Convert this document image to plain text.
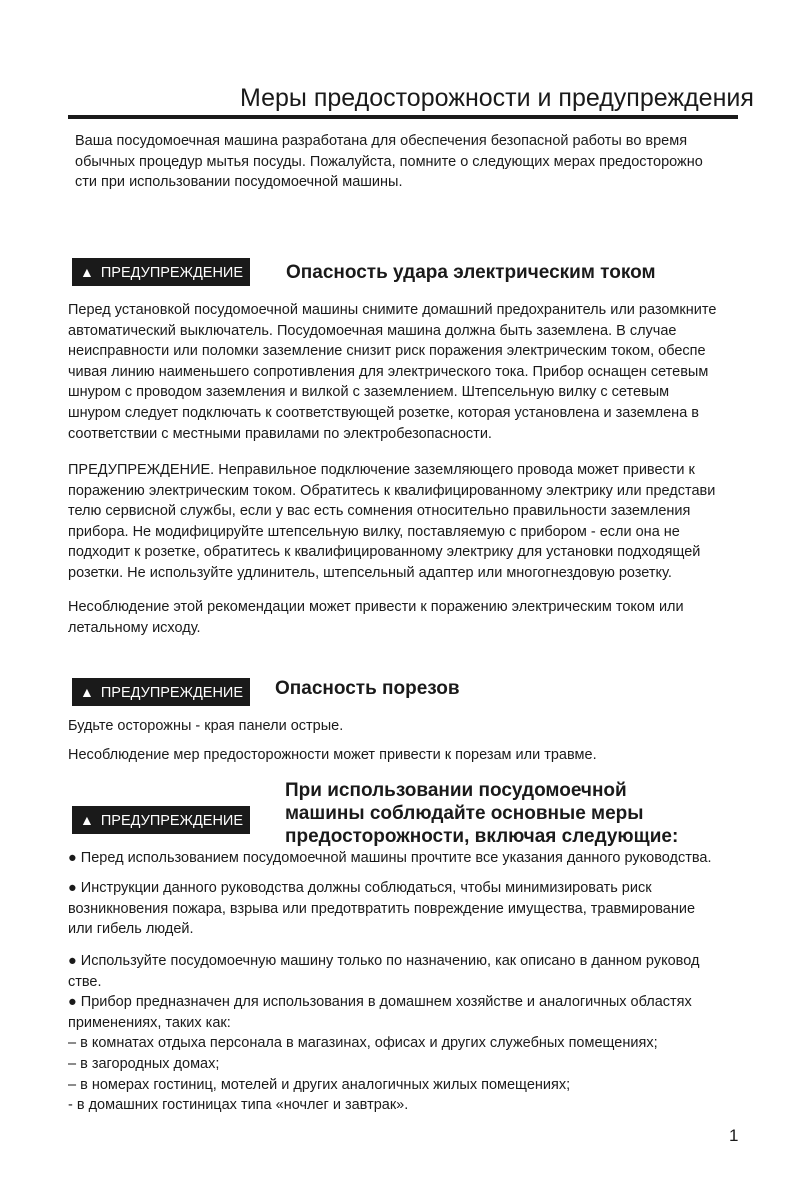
Меры предосторожности и предупреждения
Ваша посудомоечная машина разработана для обеспечения безопасной работы во время
обычных процедур мытья посуды. Пожалуйста, помните о следующих мерах предосторожно
сти при использовании посудомоечной машины.
▲ ПРЕДУПРЕЖДЕНИЕ	Опасность удара электрическим током
Перед установкой посудомоечной машины снимите домашний предохранитель или разомкните
автоматический выключатель. Посудомоечная машина должна быть заземлена. В случае
неисправности или поломки заземление снизит риск поражения электрическим током, обеспе
чивая линию наименьшего сопротивления для электрического тока. Прибор оснащен сетевым
шнуром с проводом заземления и вилкой с заземлением. Штепсельную вилку с сетевым
шнуром следует подключать к соответствующей розетке, которая установлена и заземлена в
соответствии с местными правилами по электробезопасности.
ПРЕДУПРЕЖДЕНИЕ. Неправильное подключение заземляющего провода может привести к
поражению электрическим током. Обратитесь к квалифицированному электрику или представи
телю сервисной службы, если у вас есть сомнения относительно правильности заземления
прибора. Не модифицируйте штепсельную вилку, поставляемую с прибором - если она не
подходит к розетке, обратитесь к квалифицированному электрику для установки подходящей
розетки. Не используйте удлинитель, штепсельный адаптер или многогнездовую розетку.
Несоблюдение этой рекомендации может привести к поражению электрическим током или
летальному исходу.
▲ ПРЕДУПРЕЖДЕНИЕ	Опасность порезов
Будьте осторожны - края панели острые.
Несоблюдение мер предосторожности может привести к порезам или травме.
▲ ПРЕДУПРЕЖДЕНИЕ
При использовании посудомоечной
машины соблюдайте основные меры
предосторожности, включая следующие:
● Перед использованием посудомоечной машины прочтите все указания данного руководства.
● Инструкции данного руководства должны соблюдаться, чтобы минимизировать риск
возникновения пожара, взрыва или предотвратить повреждение имущества, травмирование
или гибель людей.
● Используйте посудомоечную машину только по назначению, как описано в данном руковод
стве.
● Прибор предназначен для использования в домашнем хозяйстве и аналогичных областях
применениях, таких как:
– в комнатах отдыха персонала в магазинах, офисах и других служебных помещениях;
– в загородных домах;
– в номерах гостиниц, мотелей и других аналогичных жилых помещениях;
- в домашних гостиницах типа «ночлег и завтрак».
1
